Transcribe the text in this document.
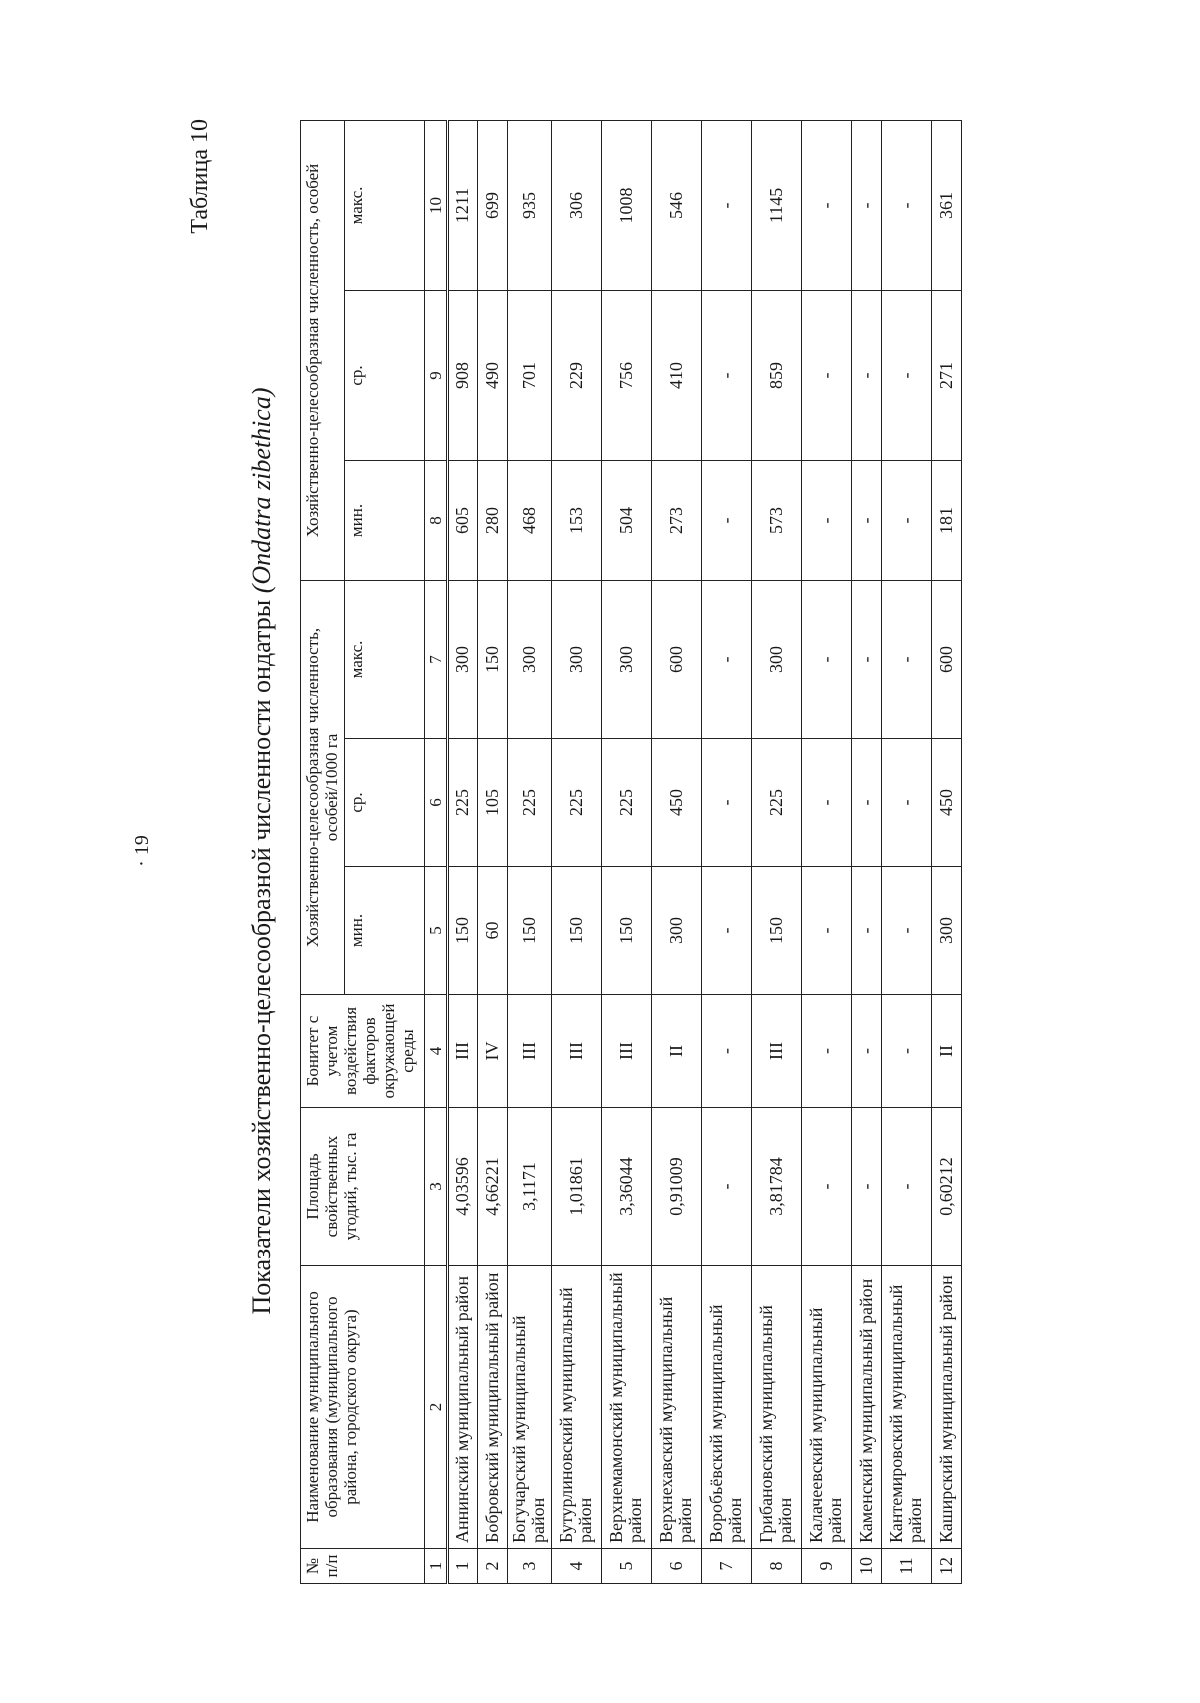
· 19
Таблица 10
Показатели хозяйственно-целесообразной численности ондатры (Ondatra zibethica)
№ п/п	Наименование муниципального образования (муниципального района, городского округа)	Площадь свойственных угодий, тыс. га	Бонитет с учетом воздействия факторов окружающей среды	Хозяйственно-целесообразная численность, особей/1000 га			Хозяйственно-целесообразная численность, особей		
				мин.	ср.	макс.	мин.	ср.	макс.
1	2	3	4	5	6	7	8	9	10
1	Аннинский муниципальный район	4,03596	III	150	225	300	605	908	1211
2	Бобровский муниципальный район	4,66221	IV	60	105	150	280	490	699
3	Богучарский муниципальный район	3,1171	III	150	225	300	468	701	935
4	Бутурлиновский муниципальный район	1,01861	III	150	225	300	153	229	306
5	Верхнемамонский муниципальный район	3,36044	III	150	225	300	504	756	1008
6	Верхнехавский муниципальный район	0,91009	II	300	450	600	273	410	546
7	Воробьёвский муниципальный район	-	-	-	-	-	-	-	-
8	Грибановский муниципальный район	3,81784	III	150	225	300	573	859	1145
9	Калачеевский муниципальный район	-	-	-	-	-	-	-	-
10	Каменский муниципальный район	-	-	-	-	-	-	-	-
11	Кантемировский муниципальный район	-	-	-	-	-	-	-	-
12	Каширский муниципальный район	0,60212	II	300	450	600	181	271	361
